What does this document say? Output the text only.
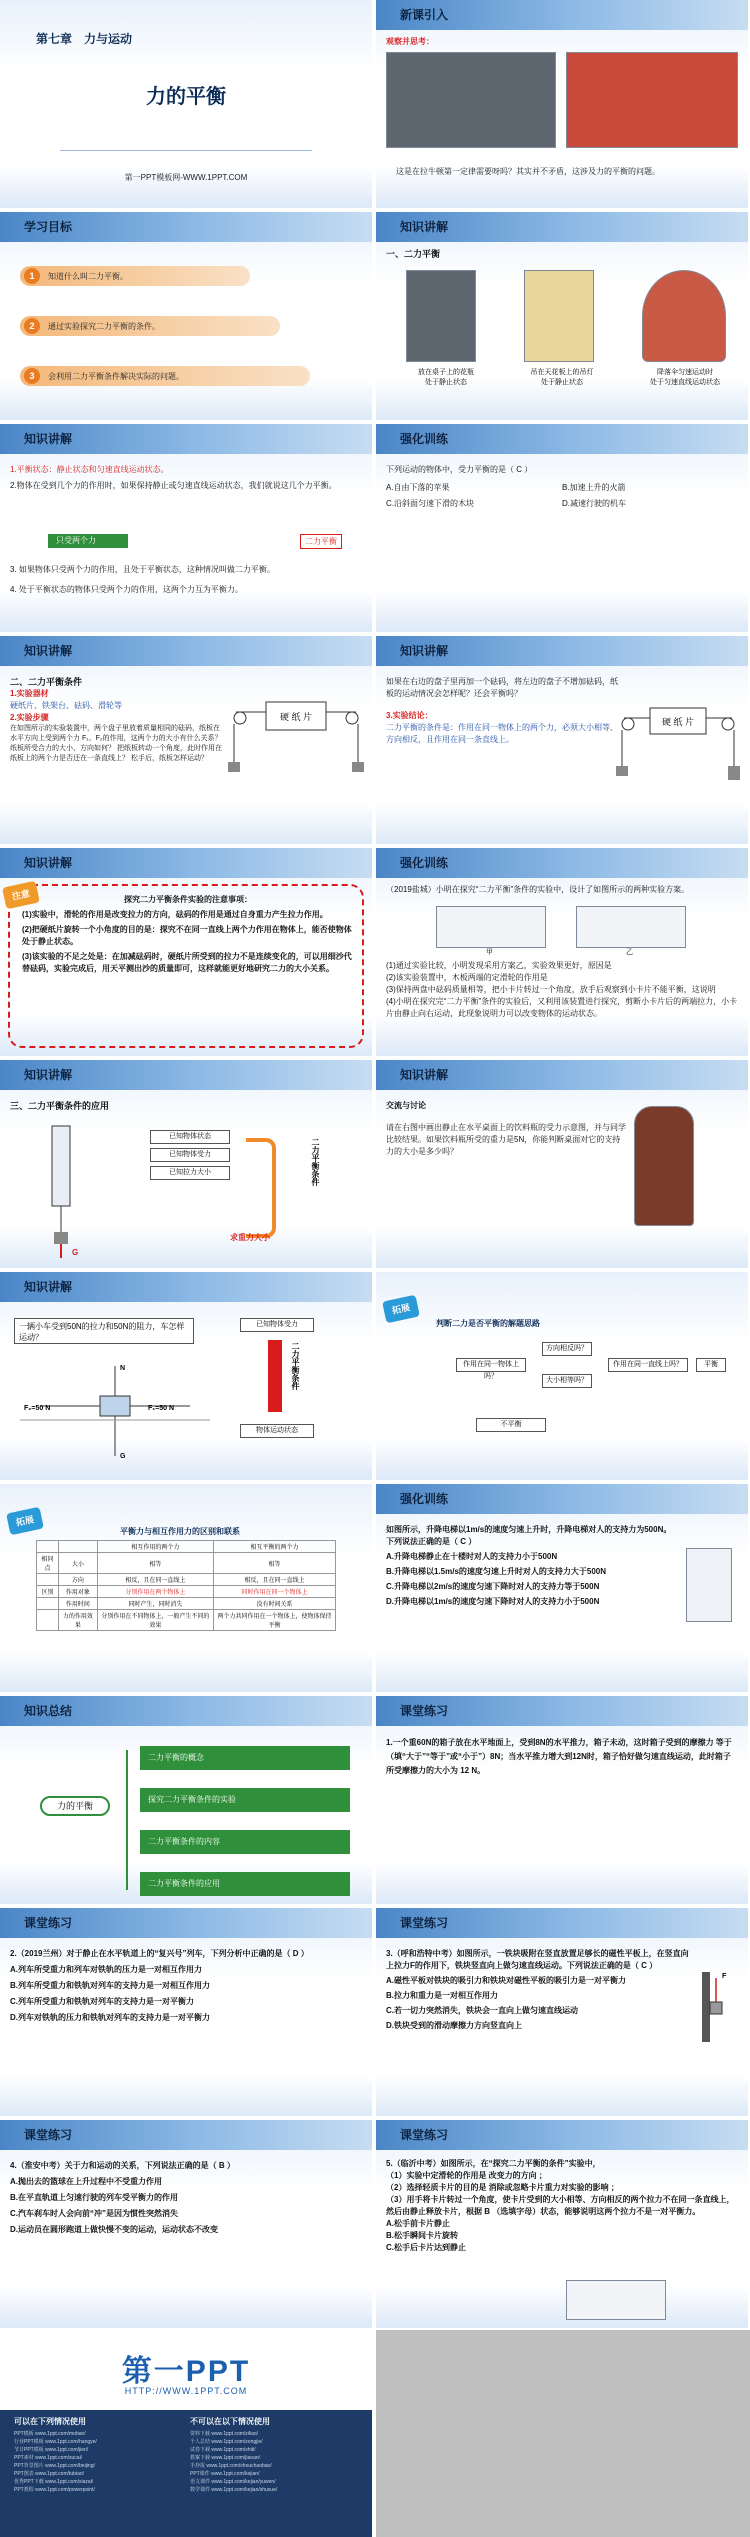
第七章　力与运动
力的平衡
第一PPT模板网-WWW.1PPT.COM
新课引入
观察并思考：
这是在拉牛顿第一定律需要呀吗？其实并不矛盾，这涉及力的平衡的问题。
学习目标
1	知道什么叫二力平衡。
2	通过实验探究二力平衡的条件。
3	会利用二力平衡条件解决实际的问题。
知识讲解
一、二力平衡
放在桌子上的花瓶
处于静止状态
吊在天花板上的吊灯
处于静止状态
降落伞匀速运动时
处于匀速直线运动状态
知识讲解
1.平衡状态：静止状态和匀速直线运动状态。
2.物体在受到几个力的作用时，如果保持静止或匀速直线运动状态，我们就说这几个力平衡。
只受两个力	二力平衡
3. 如果物体只受两个力的作用，且处于平衡状态，这种情况叫做二力平衡。
4. 处于平衡状态的物体只受两个力的作用，这两个力互为平衡力。
强化训练
下列运动的物体中，受力平衡的是（ C ）
A.自由下落的苹果	B.加速上升的火箭
C.沿斜面匀速下滑的木块	D.减速行驶的机车
知识讲解
二、二力平衡条件
1.实验器材
硬纸片、铁架台、砝码、滑轮等
2.实验步骤
在如图所示的实验装置中，两个盘子里放着质量相同的砝码，纸板在水平方向上受到两个力 F₁、F₂的作用，这两个力的大小有什么关系？纸板所受合力的大小、方向如何？ 把纸板转动一个角度，此时作用在纸板上的两个力是否还在一条直线上？ 松手后，纸板怎样运动？
硬 纸 片
知识讲解
如果在右边的盘子里再加一个砝码，将左边的盘子不增加砝码，纸板的运动情况会怎样呢？还会平衡吗？
3.实验结论：
二力平衡的条件是：作用在同一物体上的两个力，必须大小相等、方向相反，且作用在同一条直线上。
硬 纸 片
知识讲解
注意	探究二力平衡条件实验的注意事项：
(1)实验中，滑轮的作用是改变拉力的方向，砝码的作用是通过自身重力产生拉力作用。
(2)把硬纸片旋转一个小角度的目的是：探究不在同一直线上两个力作用在物体上，能否使物体处于静止状态。
(3)该实验的不足之处是：在加减砝码时，硬纸片所受到的拉力不是连续变化的，可以用细沙代替砝码，实验完成后，用天平测出沙的质量即可，这样就能更好地研究二力的大小关系。
强化训练
（2019盐城）小明在探究“二力平衡”条件的实验中，设计了如图所示的两种实验方案。
甲	乙
(1)通过实验比较，小明发现采用方案乙，实验效果更好，原因是
(2)该实验装置中，木板两端的定滑轮的作用是
(3)保持两盘中砝码质量相等，把小卡片转过一个角度，放手后观察到小卡片不能平衡，这说明
(4)小明在探究完“二力平衡”条件的实验后，又利用该装置进行探究，剪断小卡片后的两端拉力，小卡片由静止向右运动，此现象说明力可以改变物体的运动状态。
知识讲解
三、二力平衡条件的应用
G
已知物体状态
已知物体受力
已知拉力大小	二力平衡条件
求重力大小
知识讲解
交流与讨论
请在右图中画出静止在水平桌面上的饮料瓶的受力示意图，并与同学比较结果。如果饮料瓶所受的重力是5N，你能判断桌面对它的支持力的大小是多少吗？
知识讲解
一辆小车受到50N的拉力和50N的阻力，车怎样运动？
F₂=50 N	F₁=50 N
N
G
已知物体受力
二力平衡条件
物体运动状态
拓展
判断二力是否平衡的解题思路
作用在同一物体上吗？
方向相反吗？
大小相等吗？
作用在同一直线上吗？
不平衡
平衡
拓展
平衡力与相互作用力的区别和联系
		相互作用的两个力	相互平衡的两个力
相同点	大小	相等	相等
	方向	相反，且在同一直线上	相反，且在同一直线上
区别	作用对象	分别作用在两个物体上	同时作用在同一个物体上
	作用时间	同时产生，同时消失	没有时间关系
	力的作用效果	分别作用在不同物体上，一般产生不同的效果	两个力共同作用在一个物体上，使物体保持平衡
强化训练
如图所示，升降电梯以1m/s的速度匀速上升时，升降电梯对人的支持力为500N。下列说法正确的是（ C ）
A.升降电梯静止在十楼时对人的支持力小于500N
B.升降电梯以1.5m/s的速度匀速上升时对人的支持力大于500N
C.升降电梯以2m/s的速度匀速下降时对人的支持力等于500N
D.升降电梯以1m/s的速度匀速下降时对人的支持力小于500N
知识总结
力的平衡
二力平衡的概念
探究二力平衡条件的实验
二力平衡条件的内容
二力平衡条件的应用
课堂练习
1.一个重60N的箱子放在水平地面上，受到8N的水平推力，箱子未动，这时箱子受到的摩擦力 等于 （填“大于”“等于”或“小于”）8N；当水平推力增大到12N时，箱子恰好做匀速直线运动，此时箱子所受摩擦力的大小为 12 N。
课堂练习
2.（2019兰州）对于静止在水平轨道上的“复兴号”列车，下列分析中正确的是（ D ）
A.列车所受重力和列车对铁轨的压力是一对相互作用力
B.列车所受重力和铁轨对列车的支持力是一对相互作用力
C.列车所受重力和铁轨对列车的支持力是一对平衡力
D.列车对铁轨的压力和铁轨对列车的支持力是一对平衡力
课堂练习
3.（呼和浩特中考）如图所示，一铁块吸附在竖直放置足够长的磁性平板上，在竖直向上拉力F的作用下，铁块竖直向上做匀速直线运动。下列说法正确的是（ C ）
A.磁性平板对铁块的吸引力和铁块对磁性平板的吸引力是一对平衡力
B.拉力和重力是一对相互作用力
C.若一切力突然消失，铁块会一直向上做匀速直线运动
D.铁块受到的滑动摩擦力方向竖直向上
F
课堂练习
4.（淮安中考）关于力和运动的关系，下列说法正确的是（ B ）
A.抛出去的篮球在上升过程中不受重力作用
B.在平直轨道上匀速行驶的列车受平衡力的作用
C.汽车刹车时人会向前“冲”是因为惯性突然消失
D.运动员在圆形跑道上做快慢不变的运动，运动状态不改变
课堂练习
5.（临沂中考）如图所示，在“探究二力平衡的条件”实验中，
（1）实验中定滑轮的作用是 改变力的方向 ；
（2）选择轻质卡片的目的是 消除或忽略卡片重力对实验的影响 ；
（3）用手将卡片转过一个角度，使卡片受到的大小相等、方向相反的两个拉力不在同一条直线上，然后由静止释放卡片，根据 B （选填字母）状态，能够说明这两个拉力不是一对平衡力。
A.松手前卡片静止
B.松手瞬间卡片旋转
C.松手后卡片达到静止
第一PPT
HTTP://WWW.1PPT.COM
可以在下列情况使用	不可以在以下情况使用
PPT模板 www.1ppt.com/moban/
行业PPT模板 www.1ppt.com/hangye/
节日PPT模板 www.1ppt.com/jieri/
PPT素材 www.1ppt.com/sucai/
PPT背景图片 www.1ppt.com/beijing/
PPT图表 www.1ppt.com/tubiao/
优秀PPT下载 www.1ppt.com/xiazai/
PPT教程 www.1ppt.com/powerpoint/
资料下载 www.1ppt.com/ziliao/
个人总结 www.1ppt.com/zongjie/
试卷下载 www.1ppt.com/shiti/
教案下载 www.1ppt.com/jiaoan/
手抄报 www.1ppt.com/shouchaobao/
PPT课件 www.1ppt.com/kejian/
语文课件 www.1ppt.com/kejian/yuwen/
数学课件 www.1ppt.com/kejian/shuxue/
